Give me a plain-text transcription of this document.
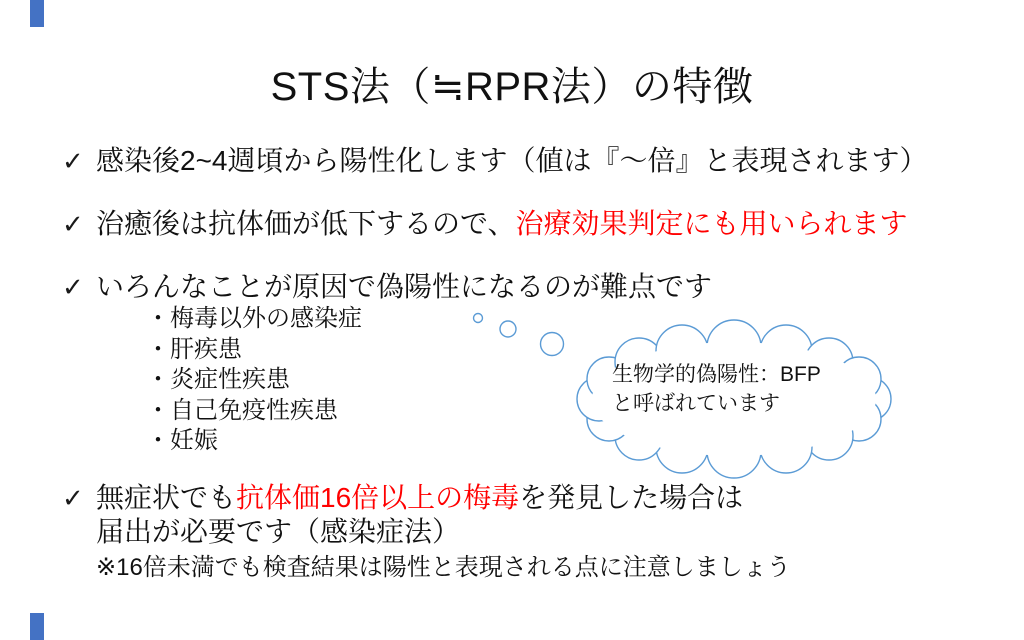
STS法（≒RPR法）の特徴
✓ 感染後2~4週頃から陽性化します（値は『～倍』と表現されます）
✓ 治癒後は抗体価が低下するので、治療効果判定にも用いられます
✓ いろんなことが原因で偽陽性になるのが難点です
・梅毒以外の感染症
・肝疾患
・炎症性疾患
・自己免疫性疾患
・妊娠
生物学的偽陽性：BFP
と呼ばれています
✓ 無症状でも抗体価16倍以上の梅毒を発見した場合は
届出が必要です（感染症法）
※16倍未満でも検査結果は陽性と表現される点に注意しましょう
